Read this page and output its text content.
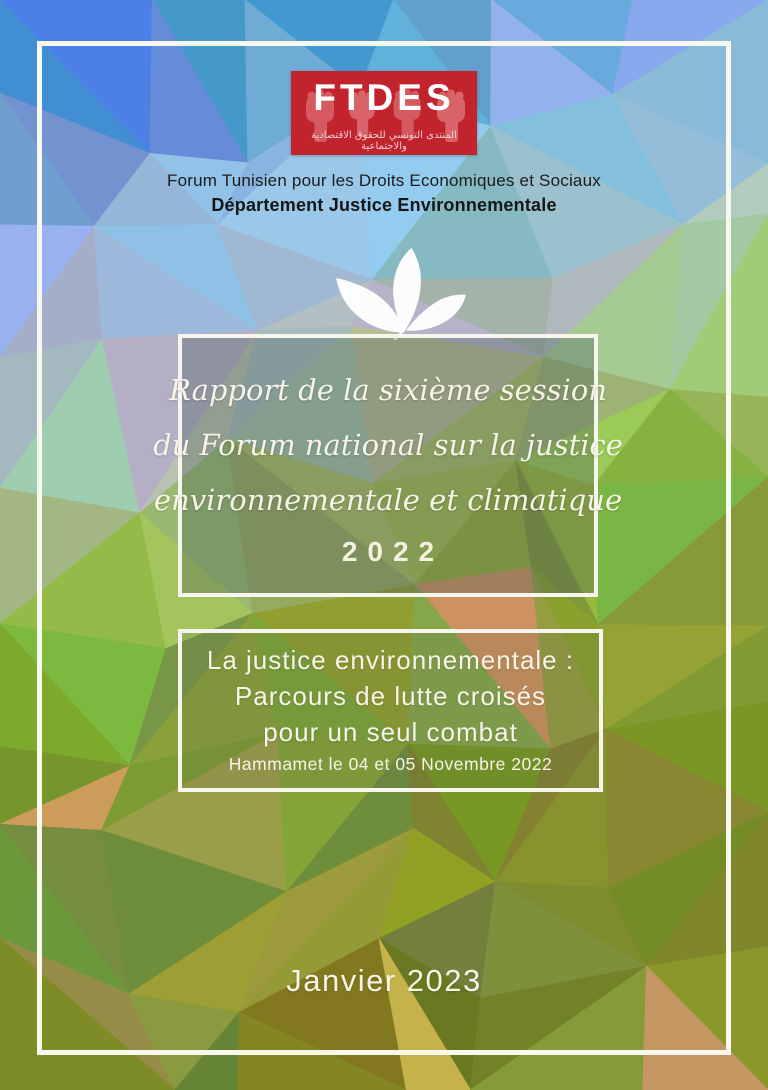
FTDES
المنتدى التونسي للحقوق الاقتصادية والاجتماعية
Forum Tunisien pour les Droits Economiques et Sociaux
Département Justice Environnementale
Rapport de la sixième session
du Forum national sur la justice
environnementale et climatique
2022
La justice environnementale :
Parcours de lutte croisés
pour un seul combat
Hammamet le 04 et 05 Novembre 2022
Janvier 2023
